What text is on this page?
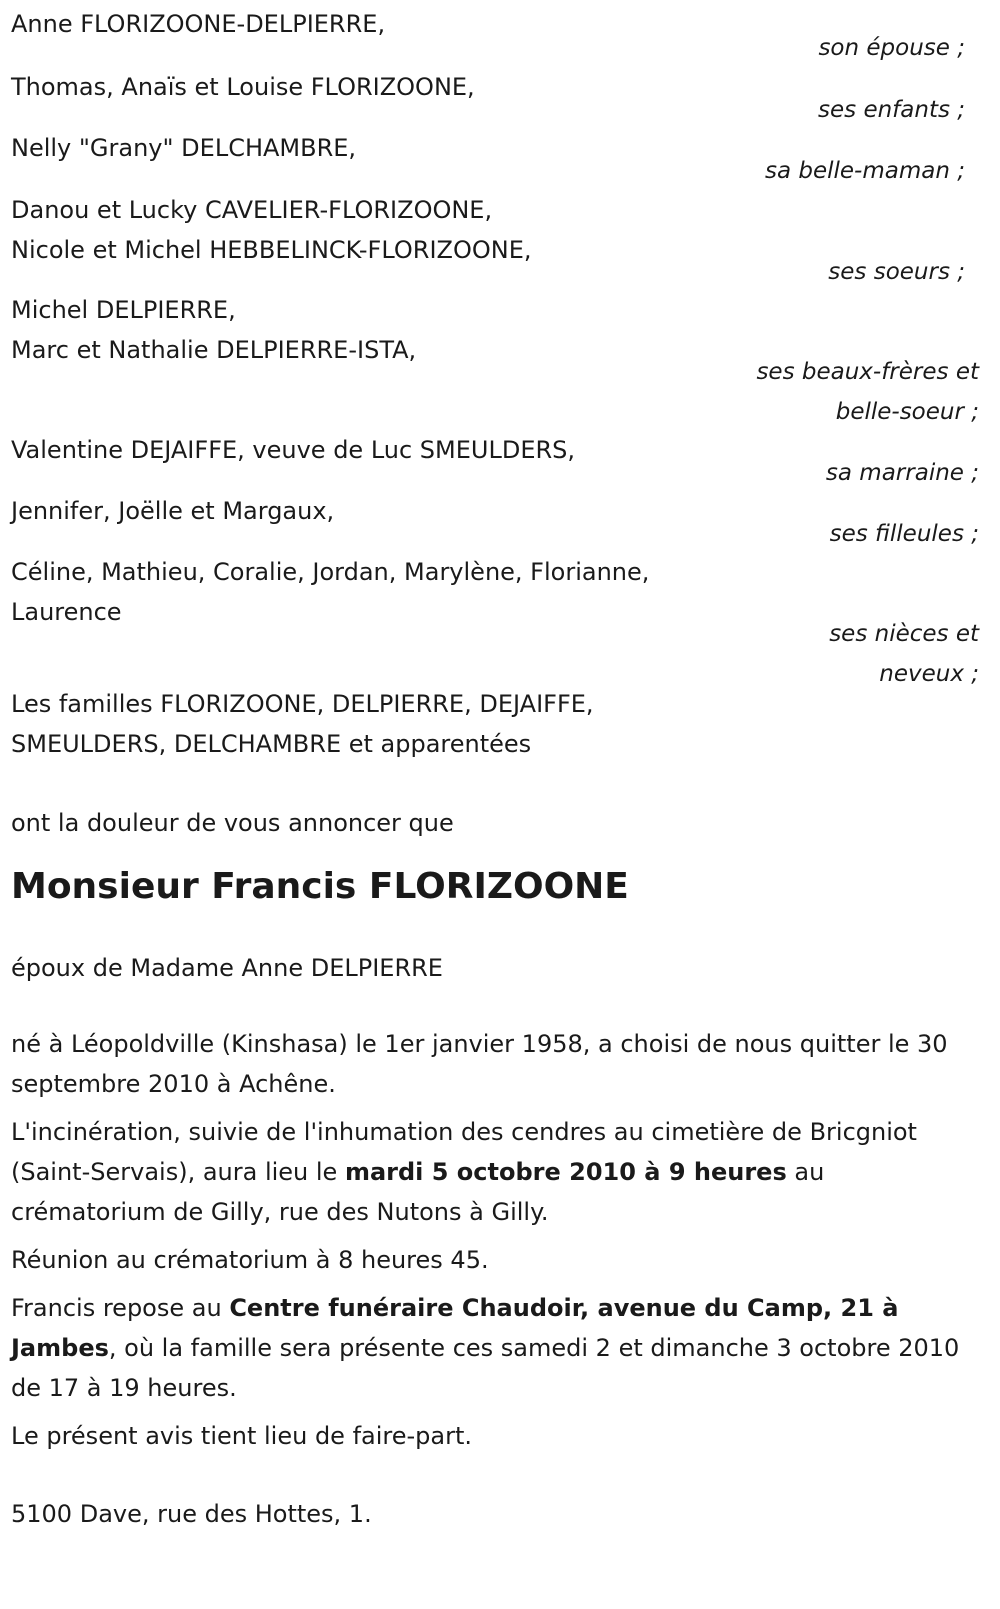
Anne FLORIZOONE-DELPIERRE,
son épouse ;
Thomas, Anaïs et Louise FLORIZOONE,
ses enfants ;
Nelly "Grany" DELCHAMBRE,
sa belle-maman ;
Danou et Lucky CAVELIER-FLORIZOONE,
Nicole et Michel HEBBELINCK-FLORIZOONE,
ses soeurs ;
Michel DELPIERRE,
Marc et Nathalie DELPIERRE-ISTA,
ses beaux-frères et
belle-soeur ;
Valentine DEJAIFFE, veuve de Luc SMEULDERS,
sa marraine ;
Jennifer, Joëlle et Margaux,
ses filleules ;
Céline, Mathieu, Coralie, Jordan, Marylène, Florianne,
Laurence
ses nièces et
neveux ;
Les familles FLORIZOONE, DELPIERRE, DEJAIFFE,
SMEULDERS, DELCHAMBRE et apparentées

ont la douleur de vous annoncer que

Monsieur Francis FLORIZOONE

époux de Madame Anne DELPIERRE

né à Léopoldville (Kinshasa) le 1er janvier 1958, a choisi de nous quitter le 30 septembre 2010 à Achêne.

L'incinération, suivie de l'inhumation des cendres au cimetière de Bricgniot (Saint-Servais), aura lieu le mardi 5 octobre 2010 à 9 heures au crématorium de Gilly, rue des Nutons à Gilly.

Réunion au crématorium à 8 heures 45.

Francis repose au Centre funéraire Chaudoir, avenue du Camp, 21 à Jambes, où la famille sera présente ces samedi 2 et dimanche 3 octobre 2010 de 17 à 19 heures.

Le présent avis tient lieu de faire-part.

5100 Dave, rue des Hottes, 1.
